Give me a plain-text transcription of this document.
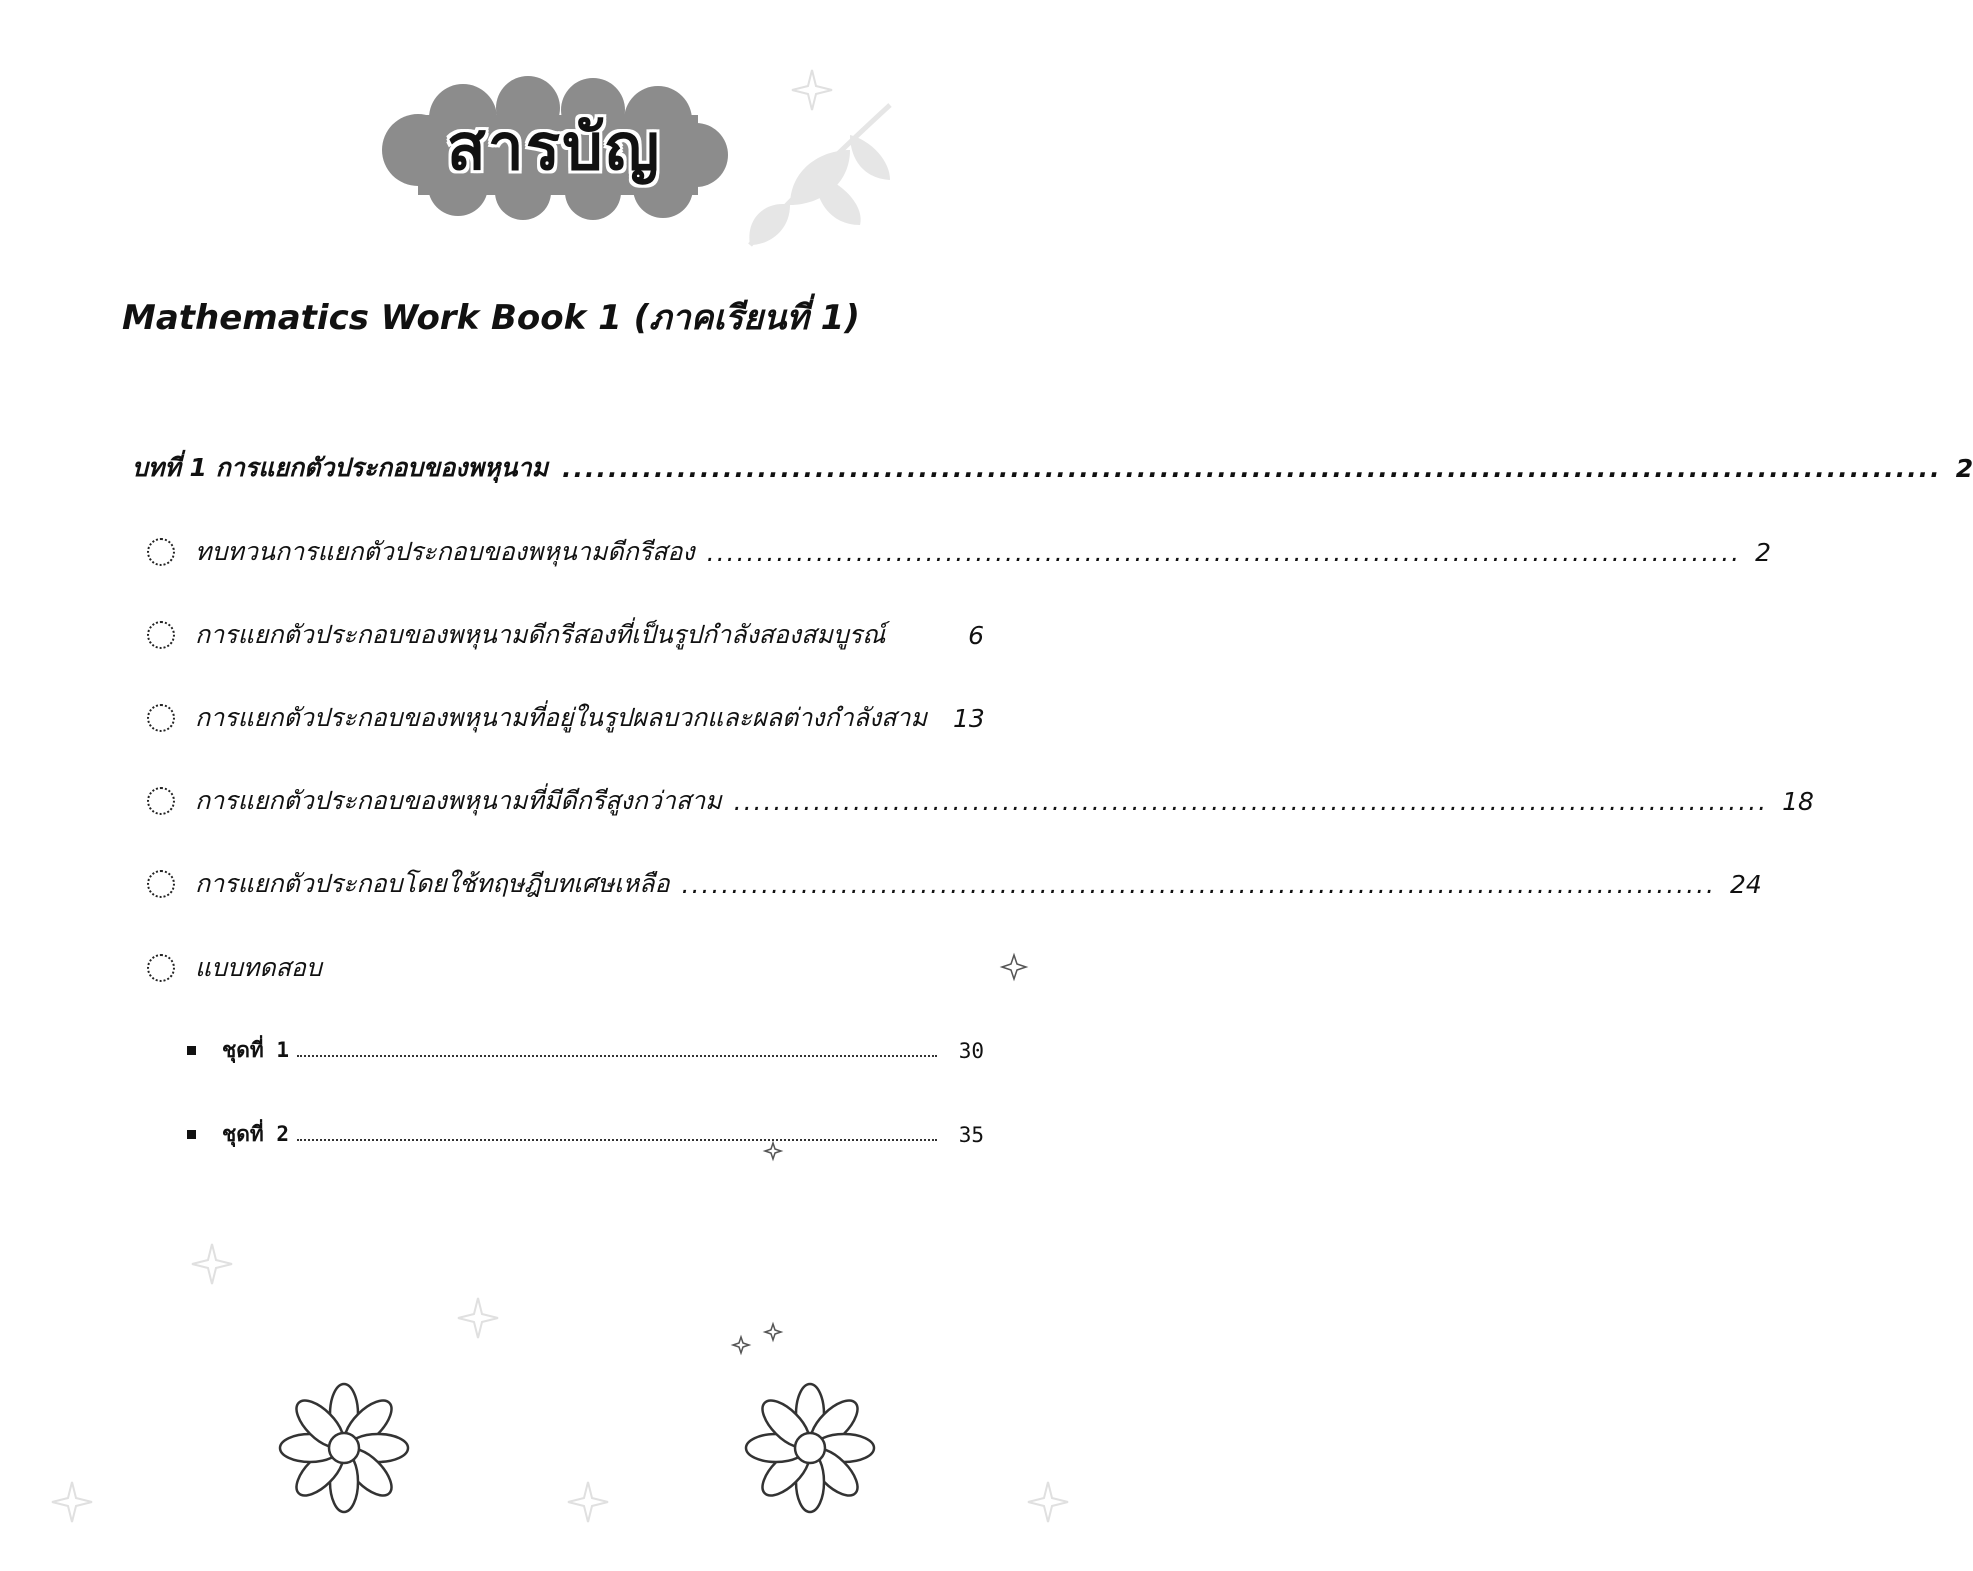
สารบัญ
Mathematics Work Book 1 (ภาคเรียนที่ 1)
บทที่ 1 การแยกตัวประกอบของพหุนาม ........................................................................................................................ 2
ทบทวนการแยกตัวประกอบของพหุนามดีกรีสอง ........................................................................................................ 2
การแยกตัวประกอบของพหุนามดีกรีสองที่เป็นรูปกำลังสองสมบูรณ์	6
การแยกตัวประกอบของพหุนามที่อยู่ในรูปผลบวกและผลต่างกำลังสาม 13
การแยกตัวประกอบของพหุนามที่มีดีกรีสูงกว่าสาม ........................................................................................................ 18
การแยกตัวประกอบโดยใช้ทฤษฎีบทเศษเหลือ ........................................................................................................ 24
แบบทดสอบ
ชุดที่ 1	30
ชุดที่ 2	35
